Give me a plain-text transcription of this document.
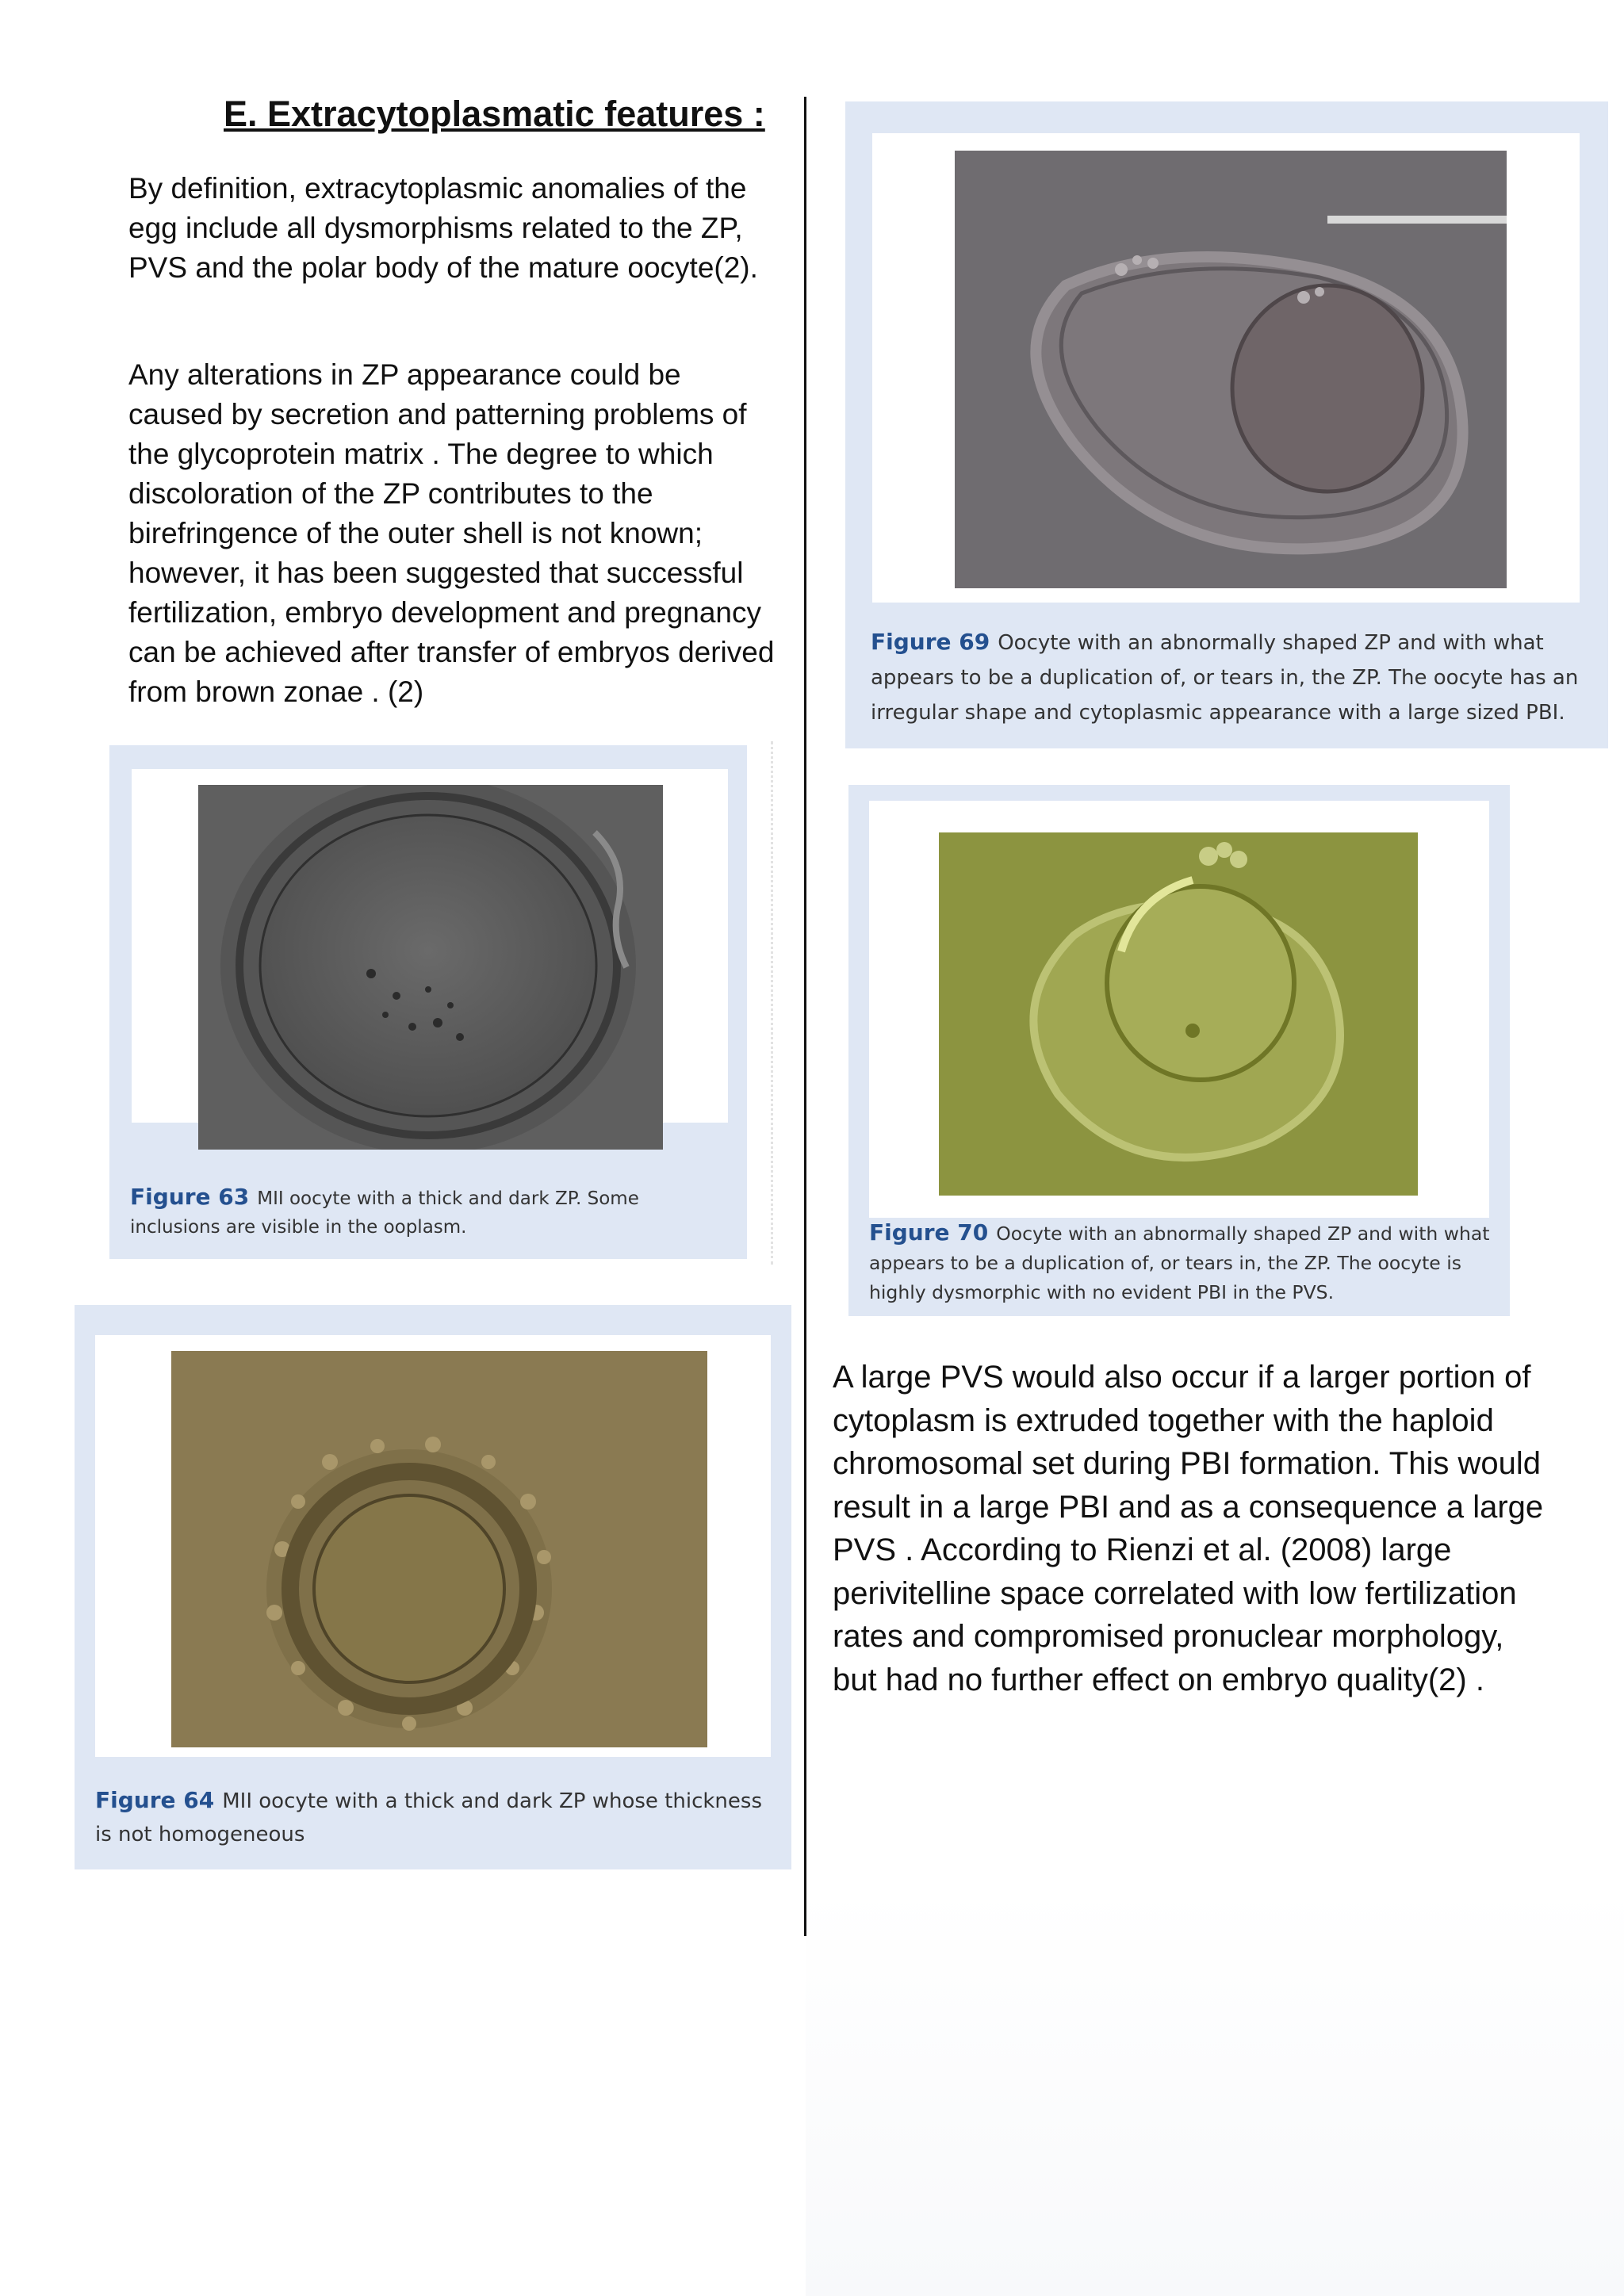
E. Extracytoplasmatic features :

By definition, extracytoplasmic anomalies of the egg include all dysmorphisms related to the ZP, PVS and the polar body of the mature oocyte(2).

Any alterations in ZP appearance could be caused by secretion and patterning problems of the glycoprotein matrix . The degree to which discoloration of the ZP contributes to the birefringence of the outer shell is not known; however, it has been suggested that successful fertilization, embryo development and pregnancy can be achieved after transfer of embryos derived from brown zonae . (2)

Figure 63 MII oocyte with a thick and dark ZP. Some inclusions are visible in the ooplasm.

Figure 64 MII oocyte with a thick and dark ZP whose thickness is not homogeneous

Figure 69 Oocyte with an abnormally shaped ZP and with what appears to be a duplication of, or tears in, the ZP. The oocyte has an irregular shape and cytoplasmic appearance with a large sized PBI.

Figure 70 Oocyte with an abnormally shaped ZP and with what appears to be a duplication of, or tears in, the ZP. The oocyte is highly dysmorphic with no evident PBI in the PVS.

A large PVS would also occur if a larger portion of cytoplasm is extruded together with the haploid chromosomal set during PBI formation. This would result in a large PBI and as a consequence a large PVS . According to Rienzi et al. (2008) large perivitelline space correlated with low fertilization rates and compromised pronuclear morphology, but had no further effect on embryo quality(2) .
